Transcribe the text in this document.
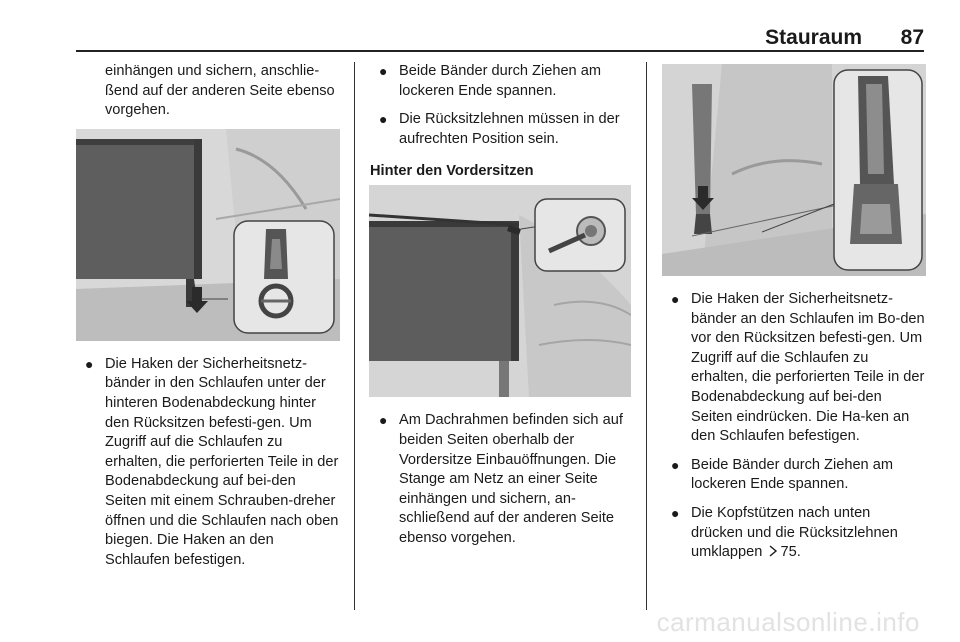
Stauraum 87

einhängen und sichern, anschlie-ßend auf der anderen Seite ebenso vorgehen.

● Die Haken der Sicherheitsnetz-bänder in den Schlaufen unter der hinteren Bodenabdeckung hinter den Rücksitzen befesti-gen. Um Zugriff auf die Schlaufen zu erhalten, die perforierten Teile in der Bodenabdeckung auf bei-den Seiten mit einem Schrauben-dreher öffnen und die Schlaufen nach oben biegen. Die Haken an den Schlaufen befestigen.
● Beide Bänder durch Ziehen am lockeren Ende spannen.
● Die Rücksitzlehnen müssen in der aufrechten Position sein.
Hinter den Vordersitzen
● Am Dachrahmen befinden sich auf beiden Seiten oberhalb der Vordersitze Einbauöffnungen. Die Stange am Netz an einer Seite einhängen und sichern, an-schließend auf der anderen Seite ebenso vorgehen.
● Die Haken der Sicherheitsnetz-bänder an den Schlaufen im Bo-den vor den Rücksitzen befesti-gen. Um Zugriff auf die Schlaufen zu erhalten, die perforierten Teile in der Bodenabdeckung auf bei-den Seiten eindrücken. Die Ha-ken an den Schlaufen befestigen.
● Beide Bänder durch Ziehen am lockeren Ende spannen.
● Die Kopfstützen nach unten drücken und die Rücksitzlehnen umklappen 75.
carmanualsonline.info
